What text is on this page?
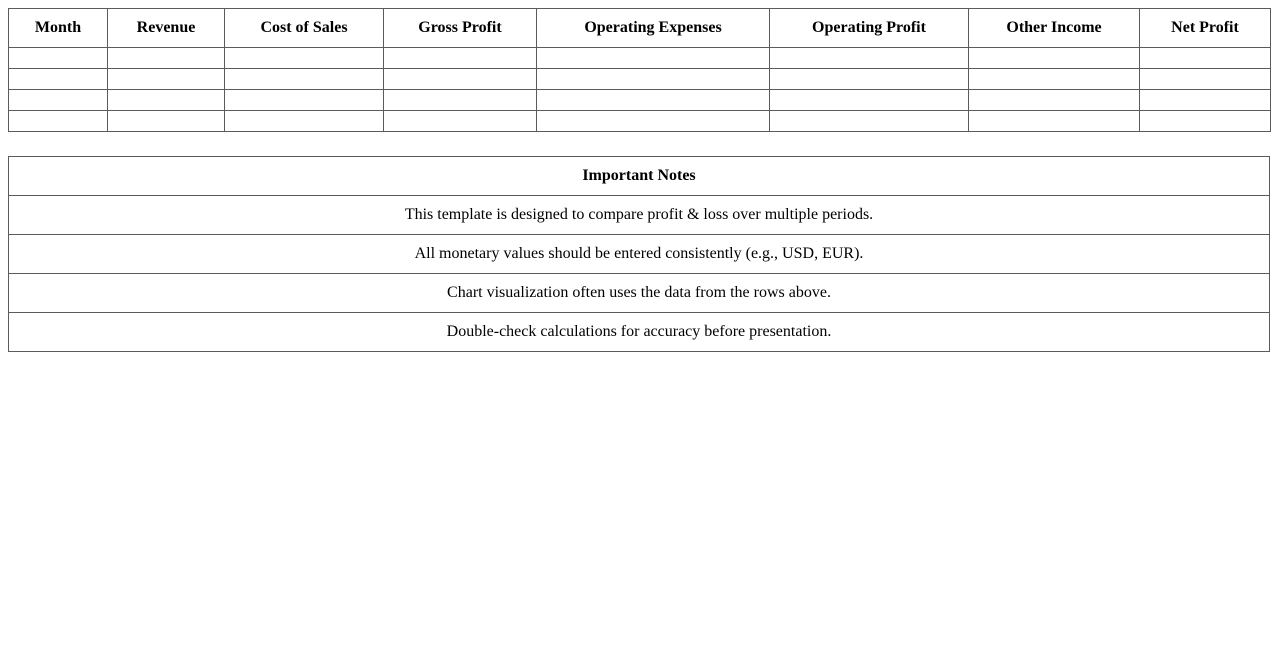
Month	Revenue	Cost of Sales	Gross Profit	Operating Expenses	Operating Profit	Other Income	Net Profit

Important Notes
This template is designed to compare profit & loss over multiple periods.
All monetary values should be entered consistently (e.g., USD, EUR).
Chart visualization often uses the data from the rows above.
Double-check calculations for accuracy before presentation.
